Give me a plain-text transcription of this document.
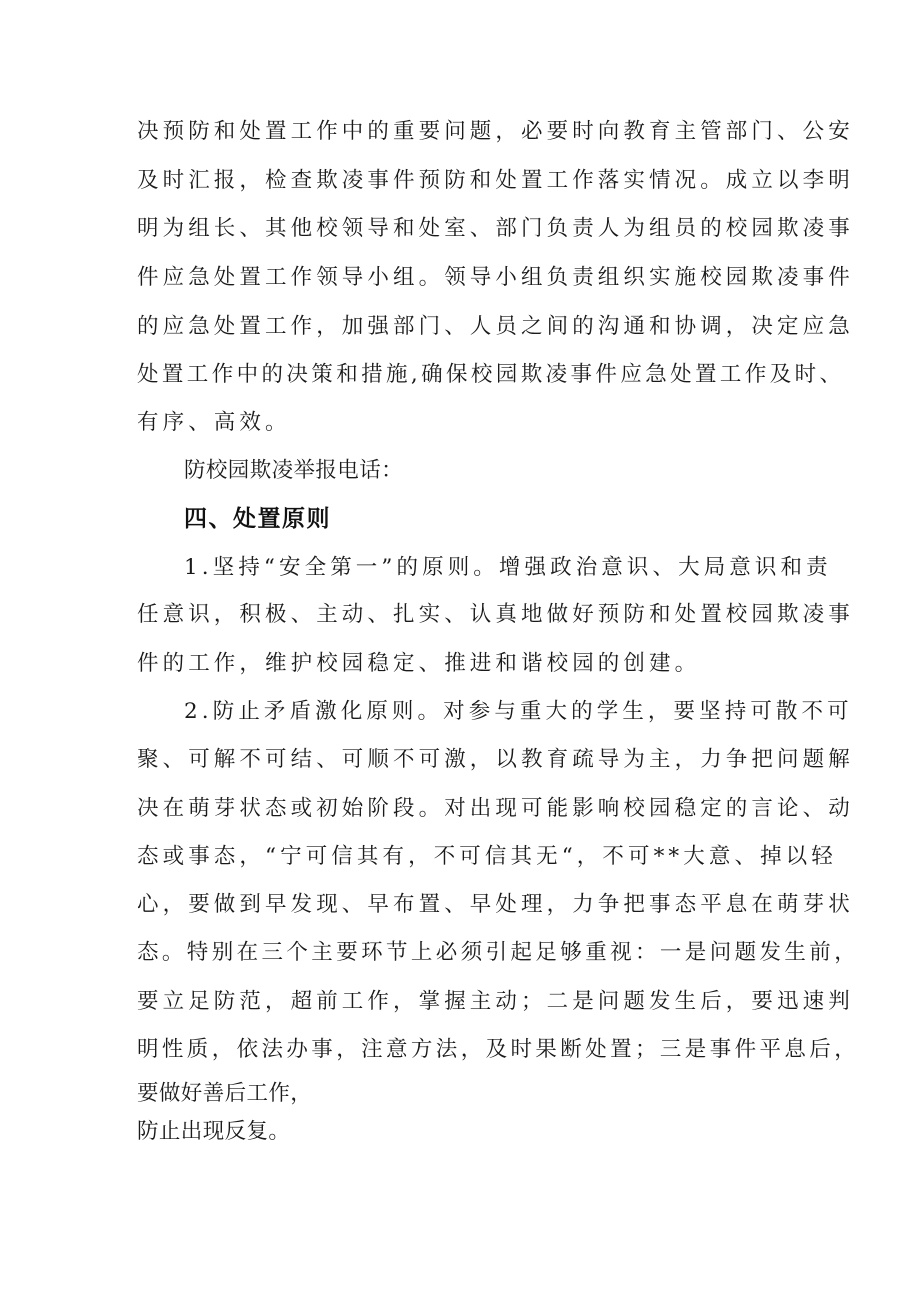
决预防和处置工作中的重要问题，必要时向教育主管部门、公安
及时汇报，检查欺凌事件预防和处置工作落实情况。成立以李明
明为组长、其他校领导和处室、部门负责人为组员的校园欺凌事
件应急处置工作领导小组。领导小组负责组织实施校园欺凌事件
的应急处置工作，加强部门、人员之间的沟通和协调，决定应急
处置工作中的决策和措施,确保校园欺凌事件应急处置工作及时、
有序、高效。
防校园欺凌举报电话：
四、处置原则
1.坚持“安全第一”的原则。增强政治意识、大局意识和责
任意识，积极、主动、扎实、认真地做好预防和处置校园欺凌事
件的工作，维护校园稳定、推进和谐校园的创建。
2.防止矛盾激化原则。对参与重大的学生，要坚持可散不可
聚、可解不可结、可顺不可激，以教育疏导为主，力争把问题解
决在萌芽状态或初始阶段。对出现可能影响校园稳定的言论、动
态或事态，“宁可信其有，不可信其无“，不可**大意、掉以轻
心，要做到早发现、早布置、早处理，力争把事态平息在萌芽状
态。特别在三个主要环节上必须引起足够重视：一是问题发生前，
要立足防范，超前工作，掌握主动；二是问题发生后，要迅速判
明性质，依法办事，注意方法，及时果断处置；三是事件平息后，
要做好善后工作，
防止出现反复。
